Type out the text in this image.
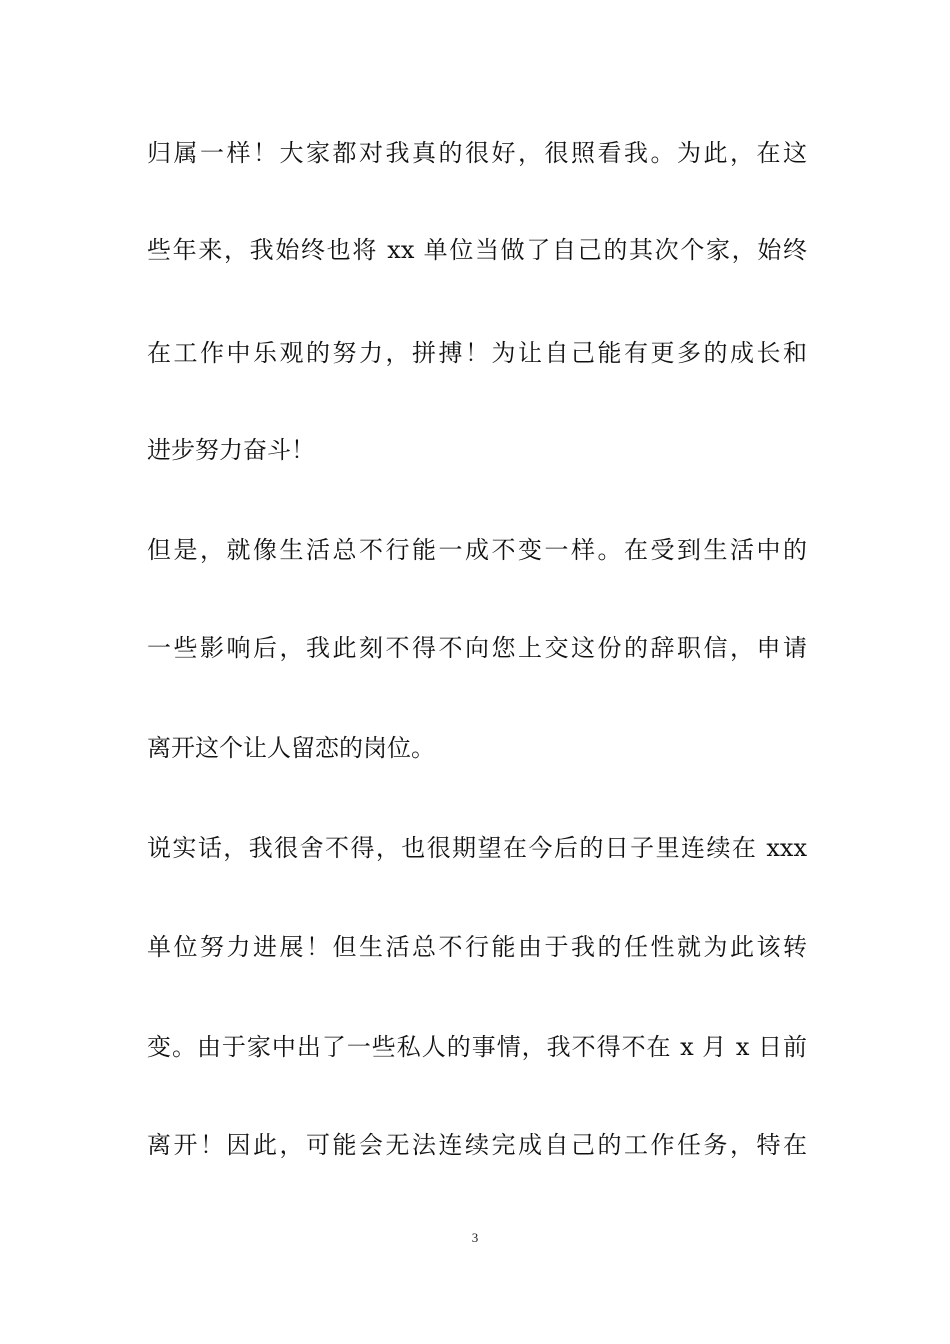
归属一样！大家都对我真的很好，很照看我。为此，在这
些年来，我始终也将 xx 单位当做了自己的其次个家，始终
在工作中乐观的努力，拼搏！为让自己能有更多的成长和
进步努力奋斗！
但是，就像生活总不行能一成不变一样。在受到生活中的
一些影响后，我此刻不得不向您上交这份的辞职信，申请
离开这个让人留恋的岗位。
说实话，我很舍不得，也很期望在今后的日子里连续在 xxx
单位努力进展！但生活总不行能由于我的任性就为此该转
变。由于家中出了一些私人的事情，我不得不在 x 月 x 日前
离开！因此，可能会无法连续完成自己的工作任务，特在
3
